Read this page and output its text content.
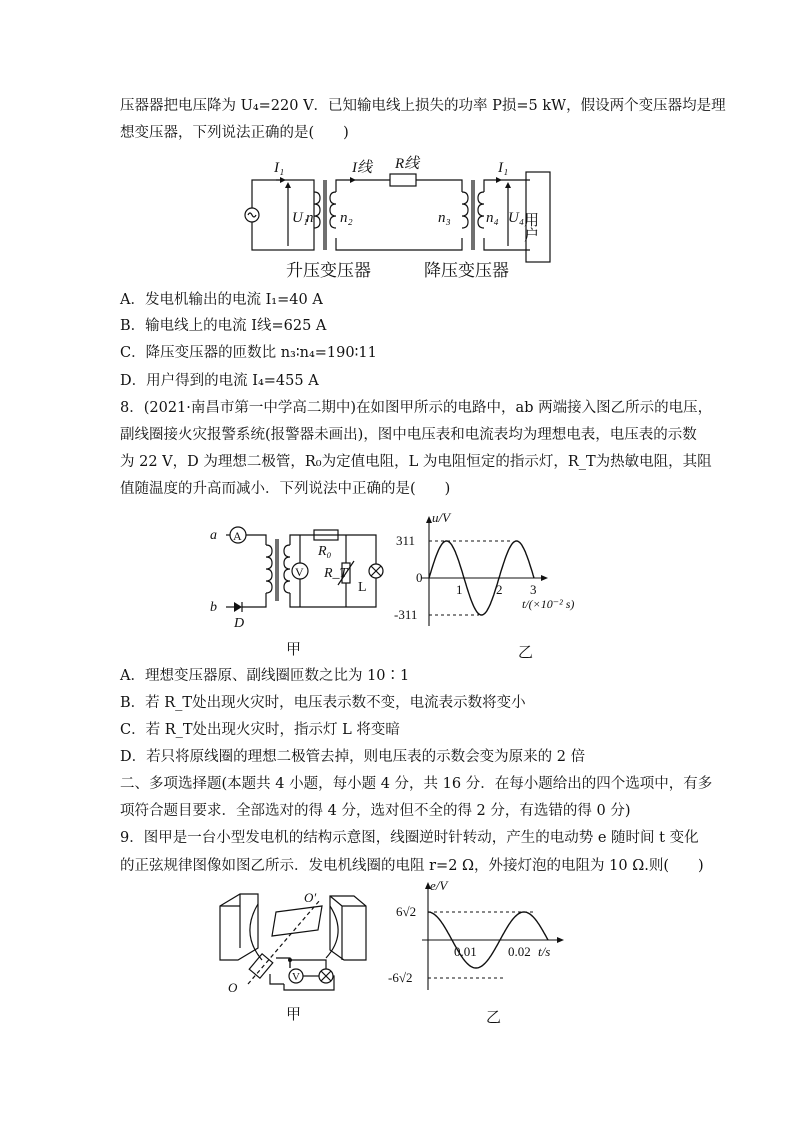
压器器把电压降为 U₄=220 V．已知输电线上损失的功率 P损=5 kW，假设两个变压器均是理
想变压器，下列说法正确的是(　　)
I₁	I线 R线	I₁
U₁
n n₂	n₃ n₄ U₄
用户
升压变压器	降压变压器
A．发电机输出的电流 I₁=40 A
B．输电线上的电流 I线=625 A
C．降压变压器的匝数比 n₃∶n₄=190∶11
D．用户得到的电流 I₄=455 A
8．(2021·南昌市第一中学高二期中)在如图甲所示的电路中，ab 两端接入图乙所示的电压，
副线圈接火灾报警系统(报警器未画出)，图中电压表和电流表均为理想电表，电压表的示数
为 22 V，D 为理想二极管，R₀为定值电阻，L 为电阻恒定的指示灯，R_T为热敏电阻，其阻
值随温度的升高而减小．下列说法中正确的是(　　)
a
b
A
V
D
R₀
R_T
L
甲
u/V
311
0
-311
1	2 3
t/(×10⁻² s)
乙
A．理想变压器原、副线圈匝数之比为 10∶1
B．若 R_T处出现火灾时，电压表示数不变，电流表示数将变小
C．若 R_T处出现火灾时，指示灯 L 将变暗
D．若只将原线圈的理想二极管去掉，则电压表的示数会变为原来的 2 倍
二、多项选择题(本题共 4 小题，每小题 4 分，共 16 分．在每小题给出的四个选项中，有多
项符合题目要求．全部选对的得 4 分，选对但不全的得 2 分，有选错的得 0 分)
9．图甲是一台小型发电机的结构示意图，线圈逆时针转动，产生的电动势 e 随时间 t 变化
的正弦规律图像如图乙所示．发电机线圈的电阻 r=2 Ω，外接灯泡的电阻为 10 Ω.则(　　)
V
O′
O
甲
e/V
6√2
-6√2
0.01 0.02 t/s
乙
